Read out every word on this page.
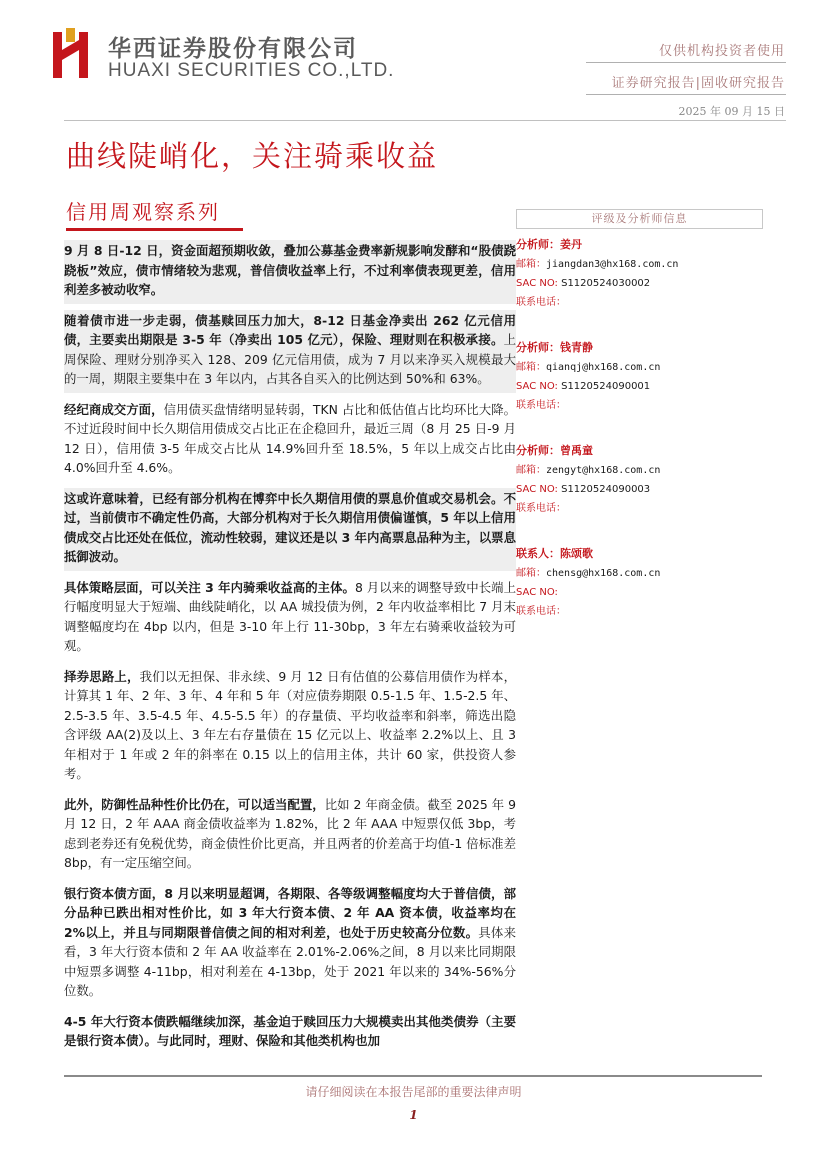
华西证券股份有限公司
HUAXI SECURITIES CO.,LTD.
仅供机构投资者使用
证券研究报告|固收研究报告
2025 年 09 月 15 日
曲线陡峭化，关注骑乘收益
信用周观察系列
9 月 8 日-12 日，资金面超预期收敛，叠加公募基金费率新规影响发酵和“股债跷跷板”效应，债市情绪较为悲观，普信债收益率上行，不过利率债表现更差，信用利差多被动收窄。
随着债市进一步走弱，债基赎回压力加大，8-12 日基金净卖出 262 亿元信用债，主要卖出期限是 3-5 年（净卖出 105 亿元），保险、理财则在积极承接。上周保险、理财分别净买入 128、209 亿元信用债，成为 7 月以来净买入规模最大的一周，期限主要集中在 3 年以内，占其各自买入的比例达到 50%和 63%。
经纪商成交方面，信用债买盘情绪明显转弱，TKN 占比和低估值占比均环比大降。不过近段时间中长久期信用债成交占比正在企稳回升，最近三周（8 月 25 日-9 月 12 日），信用债 3-5 年成交占比从 14.9%回升至 18.5%，5 年以上成交占比由 4.0%回升至 4.6%。
这或许意味着，已经有部分机构在博弈中长久期信用债的票息价值或交易机会。不过，当前债市不确定性仍高，大部分机构对于长久期信用债偏谨慎，5 年以上信用债成交占比还处在低位，流动性较弱，建议还是以 3 年内高票息品种为主，以票息抵御波动。
具体策略层面，可以关注 3 年内骑乘收益高的主体。8 月以来的调整导致中长端上行幅度明显大于短端、曲线陡峭化，以 AA 城投债为例，2 年内收益率相比 7 月末调整幅度均在 4bp 以内，但是 3-10 年上行 11-30bp，3 年左右骑乘收益较为可观。
择券思路上，我们以无担保、非永续、9 月 12 日有估值的公募信用债作为样本，计算其 1 年、2 年、3 年、4 年和 5 年（对应债券期限 0.5-1.5 年、1.5-2.5 年、2.5-3.5 年、3.5-4.5 年、4.5-5.5 年）的存量债、平均收益率和斜率，筛选出隐含评级 AA(2)及以上、3 年左右存量债在 15 亿元以上、收益率 2.2%以上、且 3 年相对于 1 年或 2 年的斜率在 0.15 以上的信用主体，共计 60 家，供投资人参考。
此外，防御性品种性价比仍在，可以适当配置，比如 2 年商金债。截至 2025 年 9 月 12 日，2 年 AAA 商金债收益率为 1.82%，比 2 年 AAA 中短票仅低 3bp，考虑到老券还有免税优势，商金债性价比更高，并且两者的价差高于均值-1 倍标准差 8bp，有一定压缩空间。
银行资本债方面，8 月以来明显超调，各期限、各等级调整幅度均大于普信债，部分品种已跌出相对性价比，如 3 年大行资本债、2 年 AA 资本债，收益率均在 2%以上，并且与同期限普信债之间的相对利差，也处于历史较高分位数。具体来看，3 年大行资本债和 2 年 AA 收益率在 2.01%-2.06%之间，8 月以来比同期限中短票多调整 4-11bp，相对利差在 4-13bp，处于 2021 年以来的 34%-56%分位数。
4-5 年大行资本债跌幅继续加深，基金迫于赎回压力大规模卖出其他类债券（主要是银行资本债）。与此同时，理财、保险和其他类机构也加
评级及分析师信息
分析师：姜丹
邮箱：jiangdan3@hx168.com.cn
SAC NO: S1120524030002
联系电话：
分析师：钱青静
邮箱：qianqj@hx168.com.cn
SAC NO: S1120524090001
联系电话：
分析师：曾禹童
邮箱：zengyt@hx168.com.cn
SAC NO: S1120524090003
联系电话：
联系人：陈颂歌
邮箱：chensg@hx168.com.cn
SAC NO:
联系电话：
请仔细阅读在本报告尾部的重要法律声明
1
